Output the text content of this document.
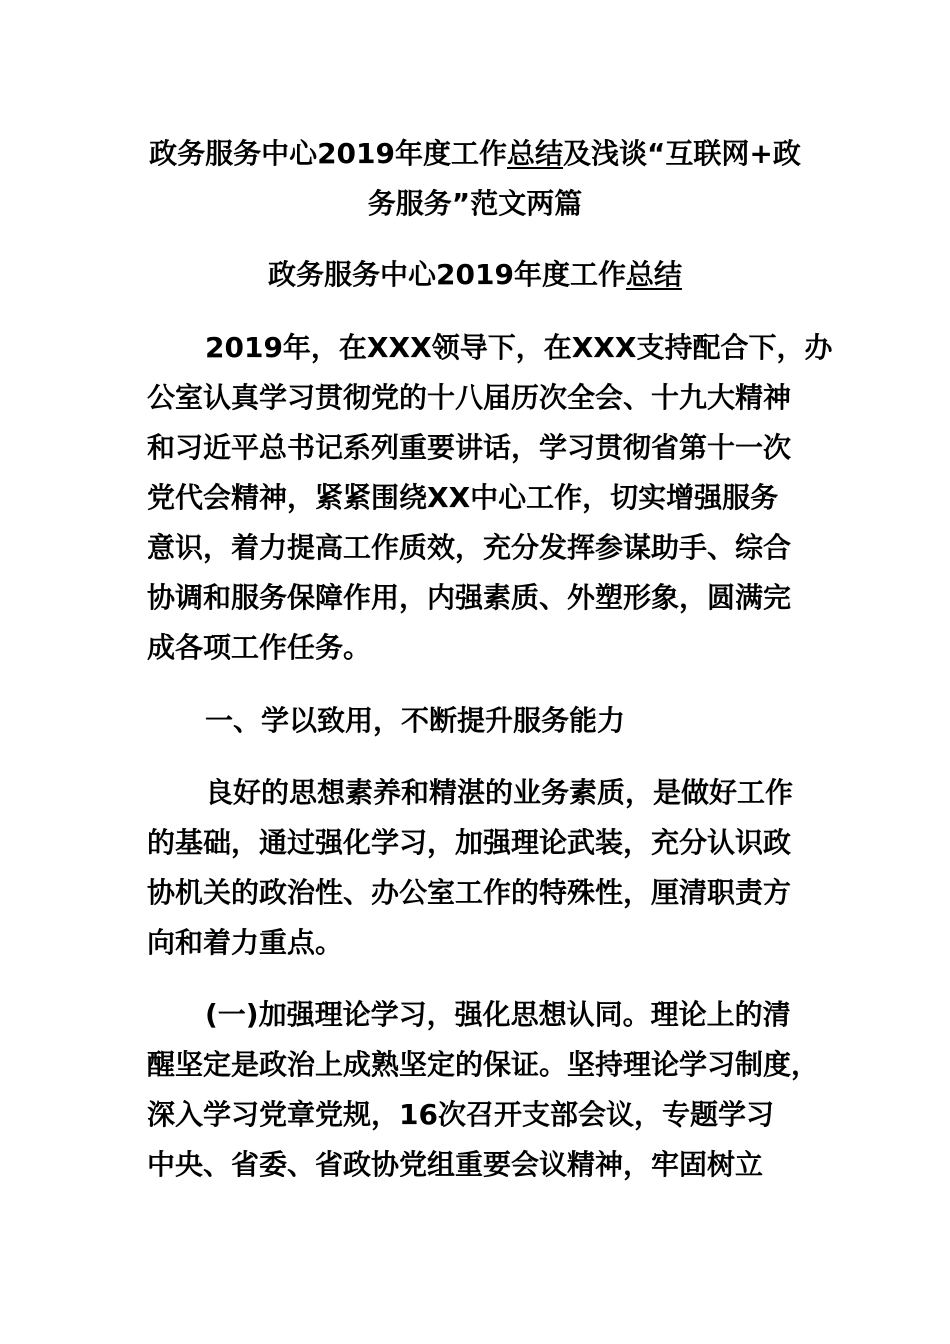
政务服务中心2019年度工作总结及浅谈“互联网+政

务服务”范文两篇

政务服务中心2019年度工作总结

2019年，在XXX领导下，在XXX支持配合下，办

公室认真学习贯彻党的十八届历次全会、十九大精神

和习近平总书记系列重要讲话，学习贯彻省第十一次

党代会精神，紧紧围绕XX中心工作，切实增强服务

意识，着力提高工作质效，充分发挥参谋助手、综合

协调和服务保障作用，内强素质、外塑形象，圆满完

成各项工作任务。

一、学以致用，不断提升服务能力

良好的思想素养和精湛的业务素质，是做好工作

的基础，通过强化学习，加强理论武装，充分认识政

协机关的政治性、办公室工作的特殊性，厘清职责方

向和着力重点。

(一)加强理论学习，强化思想认同。理论上的清

醒坚定是政治上成熟坚定的保证。坚持理论学习制度，

深入学习党章党规，16次召开支部会议，专题学习

中央、省委、省政协党组重要会议精神，牢固树立
